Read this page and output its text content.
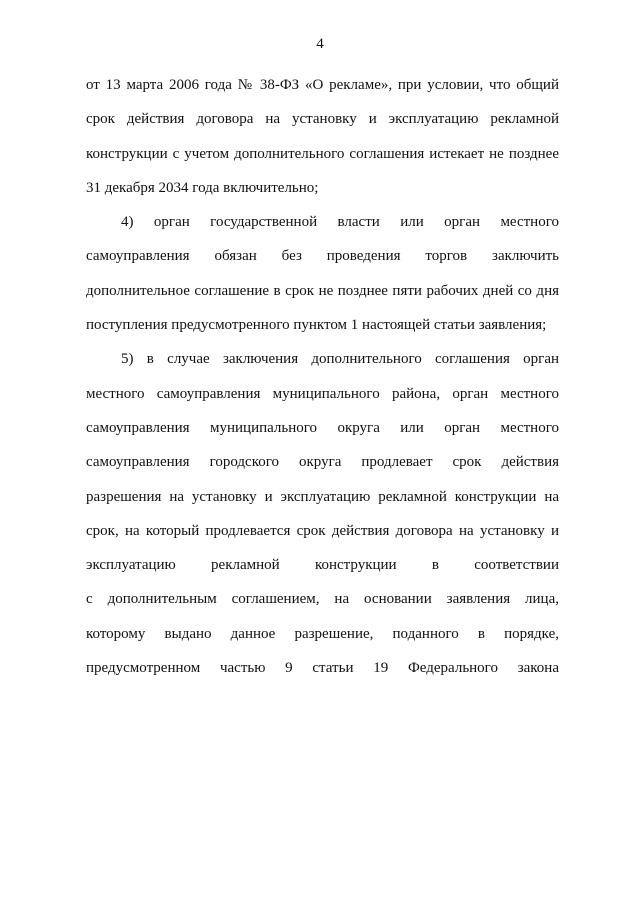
4
от 13 марта 2006 года № 38-ФЗ «О рекламе», при условии, что общий
срок действия договора на установку и эксплуатацию рекламной
конструкции с учетом дополнительного соглашения истекает не позднее
31 декабря 2034 года включительно;
4) орган государственной власти или орган местного
самоуправления обязан без проведения торгов заключить
дополнительное соглашение в срок не позднее пяти рабочих дней со дня
поступления предусмотренного пунктом 1 настоящей статьи заявления;
5) в случае заключения дополнительного соглашения орган
местного самоуправления муниципального района, орган местного
самоуправления муниципального округа или орган местного
самоуправления городского округа продлевает срок действия
разрешения на установку и эксплуатацию рекламной конструкции на
срок, на который продлевается срок действия договора на установку и
эксплуатацию рекламной конструкции в соответствии
с дополнительным соглашением, на основании заявления лица,
которому выдано данное разрешение, поданного в порядке,
предусмотренном частью 9 статьи 19 Федерального закона
